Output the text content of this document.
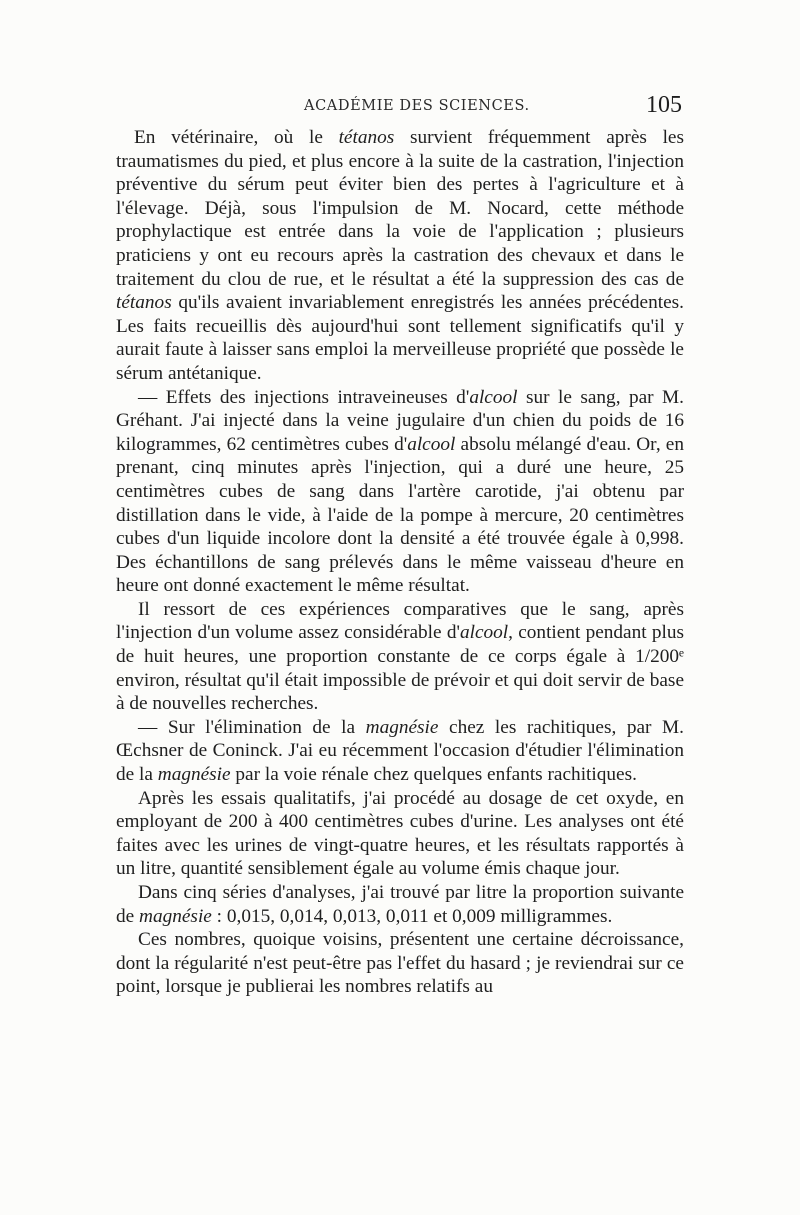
ACADÉMIE DES SCIENCES.	105

En vétérinaire, où le tétanos survient fréquemment après les traumatismes du pied, et plus encore à la suite de la castration, l'injection préventive du sérum peut éviter bien des pertes à l'agriculture et à l'élevage. Déjà, sous l'impulsion de M. Nocard, cette méthode prophylactique est entrée dans la voie de l'application ; plusieurs praticiens y ont eu recours après la castration des chevaux et dans le traitement du clou de rue, et le résultat a été la suppression des cas de tétanos qu'ils avaient invariablement enregistrés les années précédentes. Les faits recueillis dès aujourd'hui sont tellement significatifs qu'il y aurait faute à laisser sans emploi la merveilleuse propriété que possède le sérum antétanique.

— Effets des injections intraveineuses d'alcool sur le sang, par M. Gréhant. J'ai injecté dans la veine jugulaire d'un chien du poids de 16 kilogrammes, 62 centimètres cubes d'alcool absolu mélangé d'eau. Or, en prenant, cinq minutes après l'injection, qui a duré une heure, 25 centimètres cubes de sang dans l'artère carotide, j'ai obtenu par distillation dans le vide, à l'aide de la pompe à mercure, 20 centimètres cubes d'un liquide incolore dont la densité a été trouvée égale à 0,998. Des échantillons de sang prélevés dans le même vaisseau d'heure en heure ont donné exactement le même résultat.

Il ressort de ces expériences comparatives que le sang, après l'injection d'un volume assez considérable d'alcool, contient pendant plus de huit heures, une proportion constante de ce corps égale à 1/200ᵉ environ, résultat qu'il était impossible de prévoir et qui doit servir de base à de nouvelles recherches.

— Sur l'élimination de la magnésie chez les rachitiques, par M. Œchsner de Coninck. J'ai eu récemment l'occasion d'étudier l'élimination de la magnésie par la voie rénale chez quelques enfants rachitiques.

Après les essais qualitatifs, j'ai procédé au dosage de cet oxyde, en employant de 200 à 400 centimètres cubes d'urine. Les analyses ont été faites avec les urines de vingt-quatre heures, et les résultats rapportés à un litre, quantité sensiblement égale au volume émis chaque jour.

Dans cinq séries d'analyses, j'ai trouvé par litre la proportion suivante de magnésie : 0,015, 0,014, 0,013, 0,011 et 0,009 milligrammes.

Ces nombres, quoique voisins, présentent une certaine décroissance, dont la régularité n'est peut-être pas l'effet du hasard ; je reviendrai sur ce point, lorsque je publierai les nombres relatifs au
